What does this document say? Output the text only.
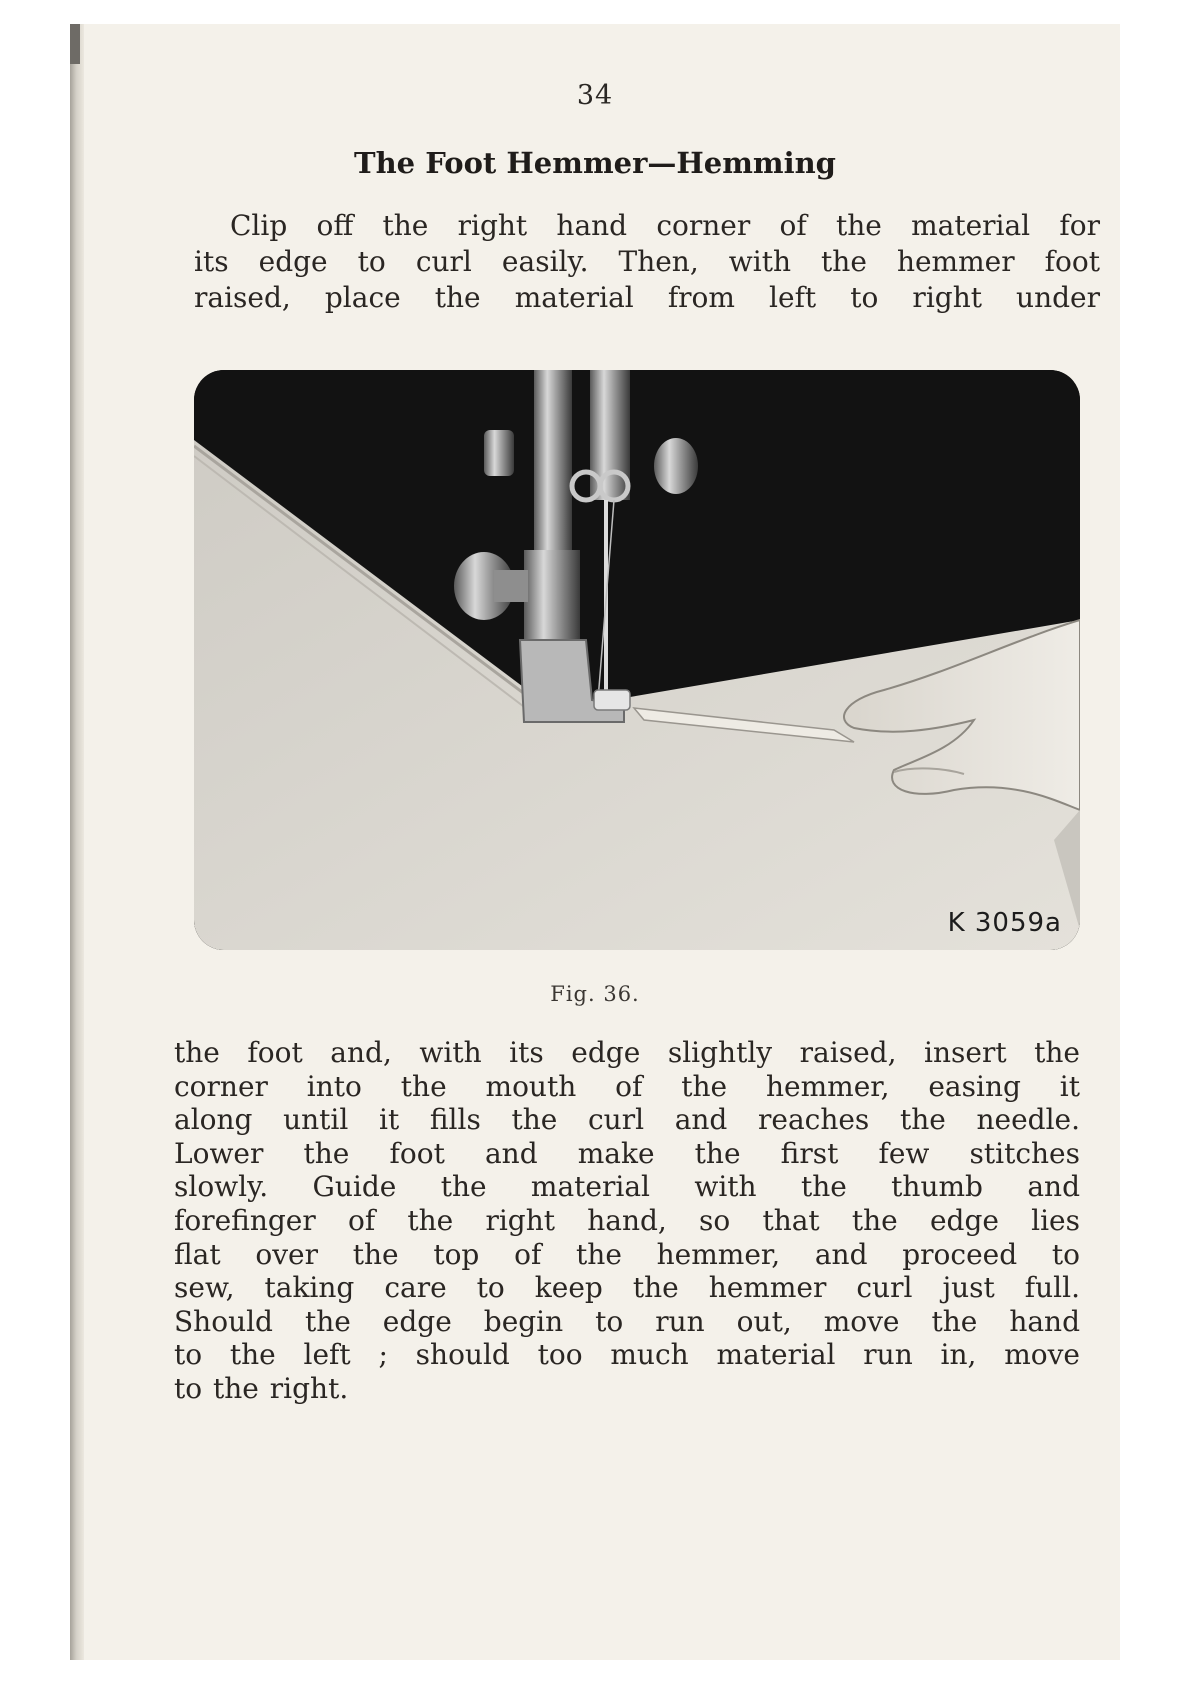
34
The Foot Hemmer—Hemming

Clip off the right hand corner of the material for
its edge to curl easily. Then, with the hemmer foot
raised, place the material from left to right under

K 3059a
Fig. 36.

the foot and, with its edge slightly raised, insert the
corner into the mouth of the hemmer, easing it
along until it fills the curl and reaches the needle.
Lower the foot and make the first few stitches
slowly. Guide the material with the thumb and
forefinger of the right hand, so that the edge lies
flat over the top of the hemmer, and proceed to
sew, taking care to keep the hemmer curl just full.
Should the edge begin to run out, move the hand
to the left ; should too much material run in, move
to the right.
